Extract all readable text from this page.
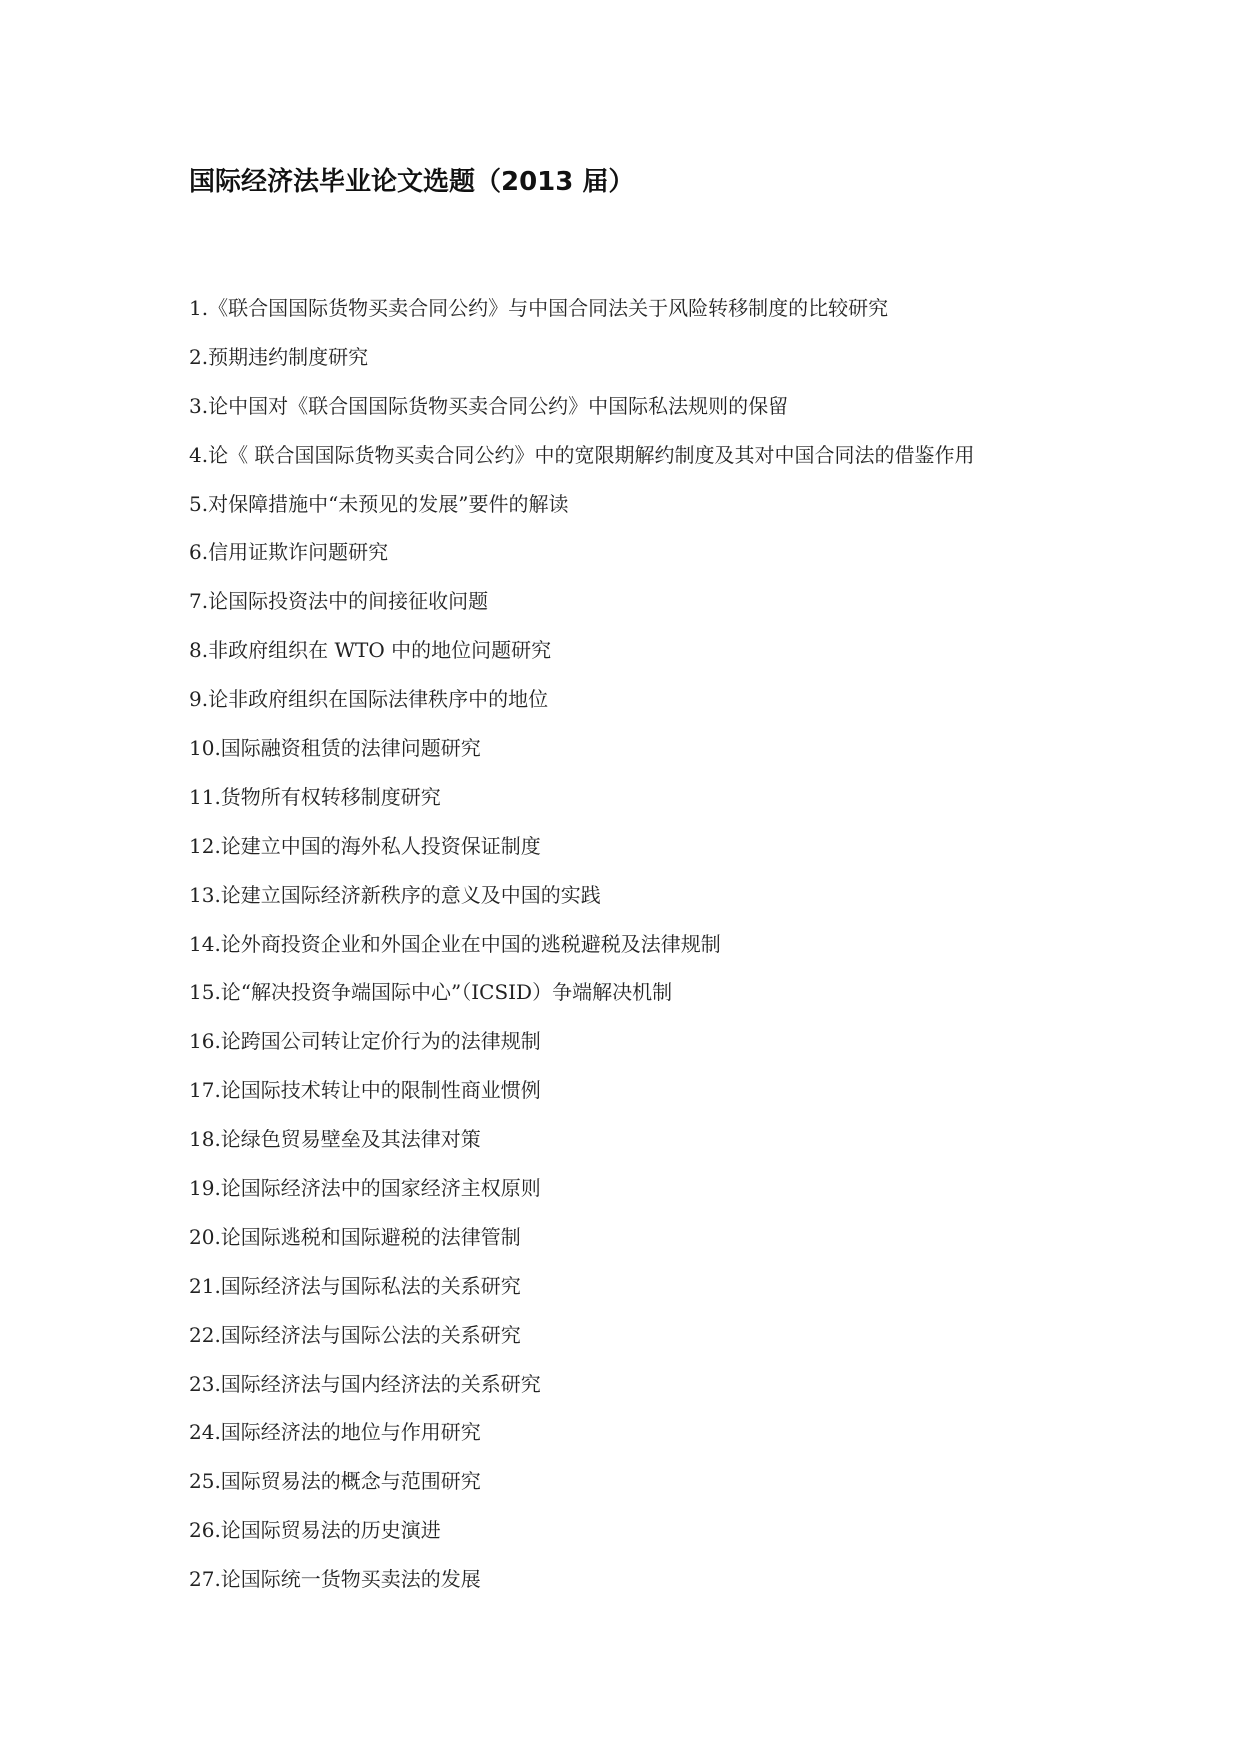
国际经济法毕业论文选题（2013 届）
1.《联合国国际货物买卖合同公约》与中国合同法关于风险转移制度的比较研究
2.预期违约制度研究
3.论中国对《联合国国际货物买卖合同公约》中国际私法规则的保留
4.论《 联合国国际货物买卖合同公约》中的宽限期解约制度及其对中国合同法的借鉴作用
5.对保障措施中“未预见的发展”要件的解读
6.信用证欺诈问题研究
7.论国际投资法中的间接征收问题
8.非政府组织在 WTO 中的地位问题研究
9.论非政府组织在国际法律秩序中的地位
10.国际融资租赁的法律问题研究
11.货物所有权转移制度研究
12.论建立中国的海外私人投资保证制度
13.论建立国际经济新秩序的意义及中国的实践
14.论外商投资企业和外国企业在中国的逃税避税及法律规制
15.论“解决投资争端国际中心”（ICSID）争端解决机制
16.论跨国公司转让定价行为的法律规制
17.论国际技术转让中的限制性商业惯例
18.论绿色贸易壁垒及其法律对策
19.论国际经济法中的国家经济主权原则
20.论国际逃税和国际避税的法律管制
21.国际经济法与国际私法的关系研究
22.国际经济法与国际公法的关系研究
23.国际经济法与国内经济法的关系研究
24.国际经济法的地位与作用研究
25.国际贸易法的概念与范围研究
26.论国际贸易法的历史演进
27.论国际统一货物买卖法的发展
